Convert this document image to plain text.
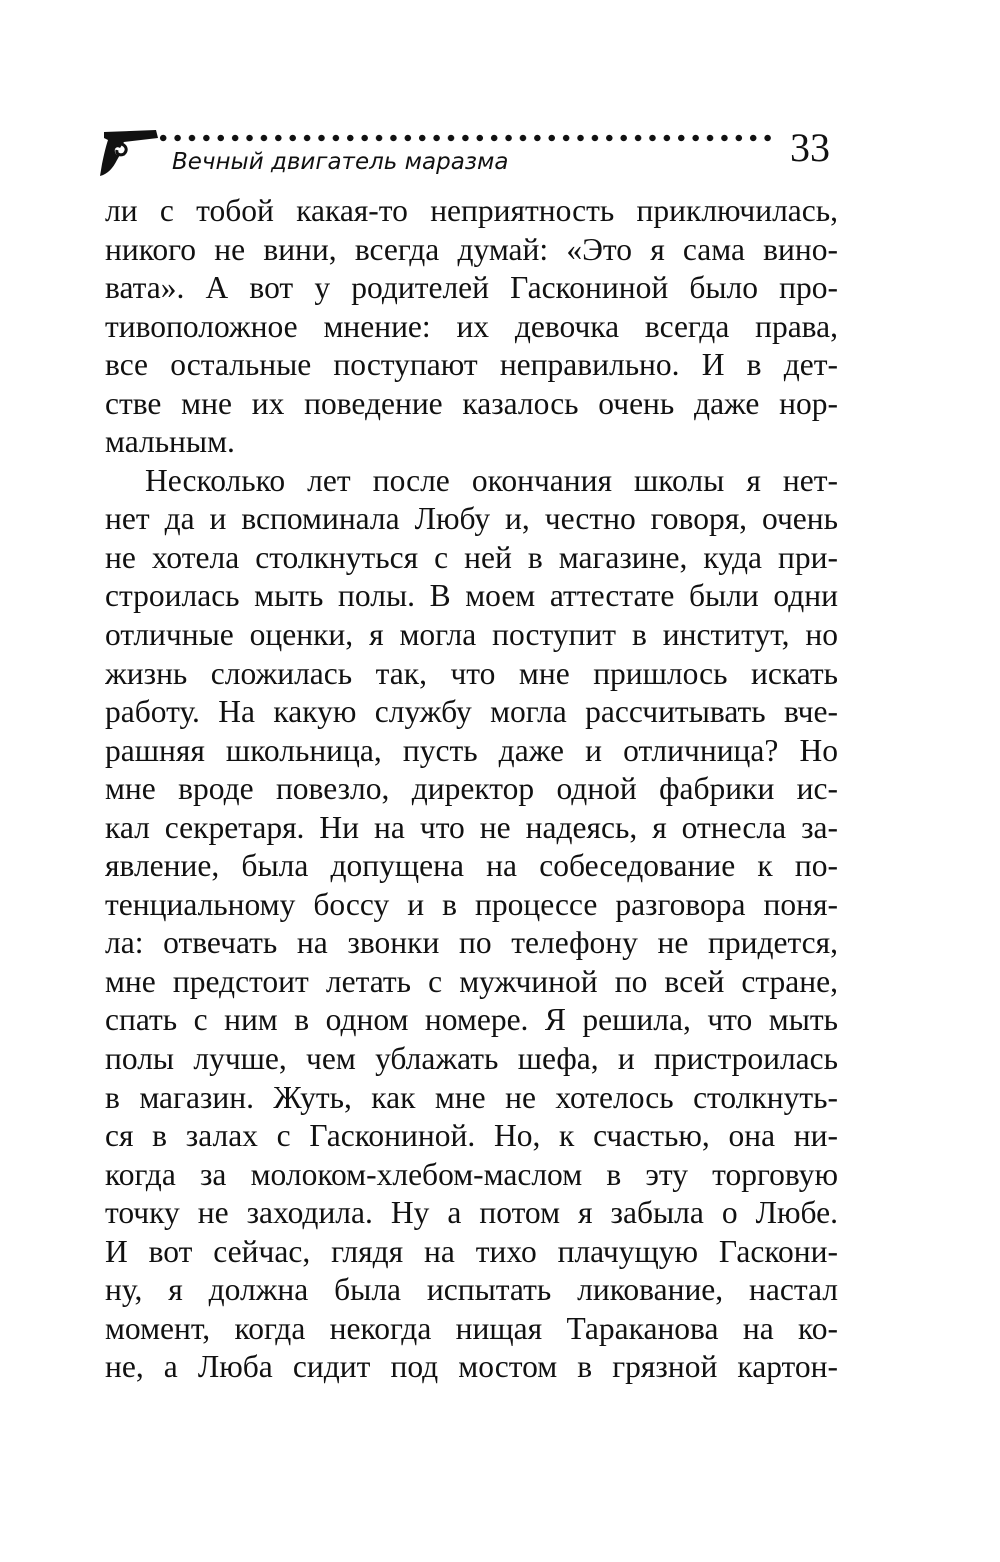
Вечный двигатель маразма	33
ли с тобой какая-то неприятность приключилась,
никого не вини, всегда думай: «Это я сама вино-
вата». А вот у родителей Гаскониной было про-
тивоположное мнение: их девочка всегда права,
все остальные поступают неправильно. И в дет-
стве мне их поведение казалось очень даже нор-
мальным.
Несколько лет после окончания школы я нет-
нет да и вспоминала Любу и, честно говоря, очень
не хотела столкнуться с ней в магазине, куда при-
строилась мыть полы. В моем аттестате были одни
отличные оценки, я могла поступит в институт, но
жизнь сложилась так, что мне пришлось искать
работу. На какую службу могла рассчитывать вче-
рашняя школьница, пусть даже и отличница? Но
мне вроде повезло, директор одной фабрики ис-
кал секретаря. Ни на что не надеясь, я отнесла за-
явление, была допущена на собеседование к по-
тенциальному боссу и в процессе разговора поня-
ла: отвечать на звонки по телефону не придется,
мне предстоит летать с мужчиной по всей стране,
спать с ним в одном номере. Я решила, что мыть
полы лучше, чем ублажать шефа, и пристроилась
в магазин. Жуть, как мне не хотелось столкнуть-
ся в залах с Гаскониной. Но, к счастью, она ни-
когда за молоком-хлебом-маслом в эту торговую
точку не заходила. Ну а потом я забыла о Любе.
И вот сейчас, глядя на тихо плачущую Гаскони-
ну, я должна была испытать ликование, настал
момент, когда некогда нищая Тараканова на ко-
не, а Люба сидит под мостом в грязной картон-
